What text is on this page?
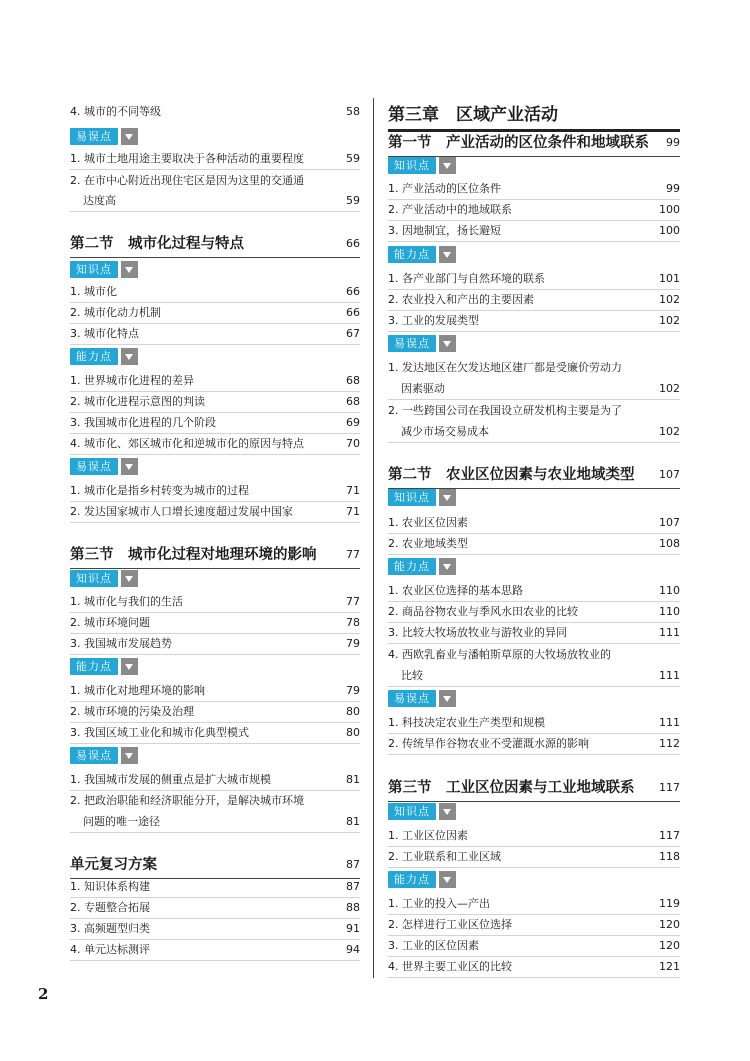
4. 城市的不同等级	58
易误点
1. 城市土地用途主要取决于各种活动的重要程度	59
2. 在市中心附近出现住宅区是因为这里的交通通
达度高	59
第二节　城市化过程与特点	66
知识点
1. 城市化	66
2. 城市化动力机制	66
3. 城市化特点	67
能力点
1. 世界城市化进程的差异	68
2. 城市化进程示意图的判读	68
3. 我国城市化进程的几个阶段	69
4. 城市化、郊区城市化和逆城市化的原因与特点	70
易误点
1. 城市化是指乡村转变为城市的过程	71
2. 发达国家城市人口增长速度超过发展中国家	71
第三节　城市化过程对地理环境的影响	77
知识点
1. 城市化与我们的生活	77
2. 城市环境问题	78
3. 我国城市发展趋势	79
能力点
1. 城市化对地理环境的影响	79
2. 城市环境的污染及治理	80
3. 我国区域工业化和城市化典型模式	80
易误点
1. 我国城市发展的侧重点是扩大城市规模	81
2. 把政治职能和经济职能分开，是解决城市环境
问题的唯一途径	81
单元复习方案	87
1. 知识体系构建	87
2. 专题整合拓展	88
3. 高频题型归类	91
4. 单元达标测评	94
第三章　区域产业活动
第一节　产业活动的区位条件和地域联系	99
知识点
1. 产业活动的区位条件	99
2. 产业活动中的地域联系	100
3. 因地制宜，扬长避短	100
能力点
1. 各产业部门与自然环境的联系	101
2. 农业投入和产出的主要因素	102
3. 工业的发展类型	102
易误点
1. 发达地区在欠发达地区建厂都是受廉价劳动力
因素驱动	102
2. 一些跨国公司在我国设立研发机构主要是为了
减少市场交易成本	102
第二节　农业区位因素与农业地域类型	107
知识点
1. 农业区位因素	107
2. 农业地域类型	108
能力点
1. 农业区位选择的基本思路	110
2. 商品谷物农业与季风水田农业的比较	110
3. 比较大牧场放牧业与游牧业的异同	111
4. 西欧乳畜业与潘帕斯草原的大牧场放牧业的
比较	111
易误点
1. 科技决定农业生产类型和规模	111
2. 传统旱作谷物农业不受灌溉水源的影响	112
第三节　工业区位因素与工业地域联系	117
知识点
1. 工业区位因素	117
2. 工业联系和工业区域	118
能力点
1. 工业的投入—产出	119
2. 怎样进行工业区位选择	120
3. 工业的区位因素	120
4. 世界主要工业区的比较	121
2
